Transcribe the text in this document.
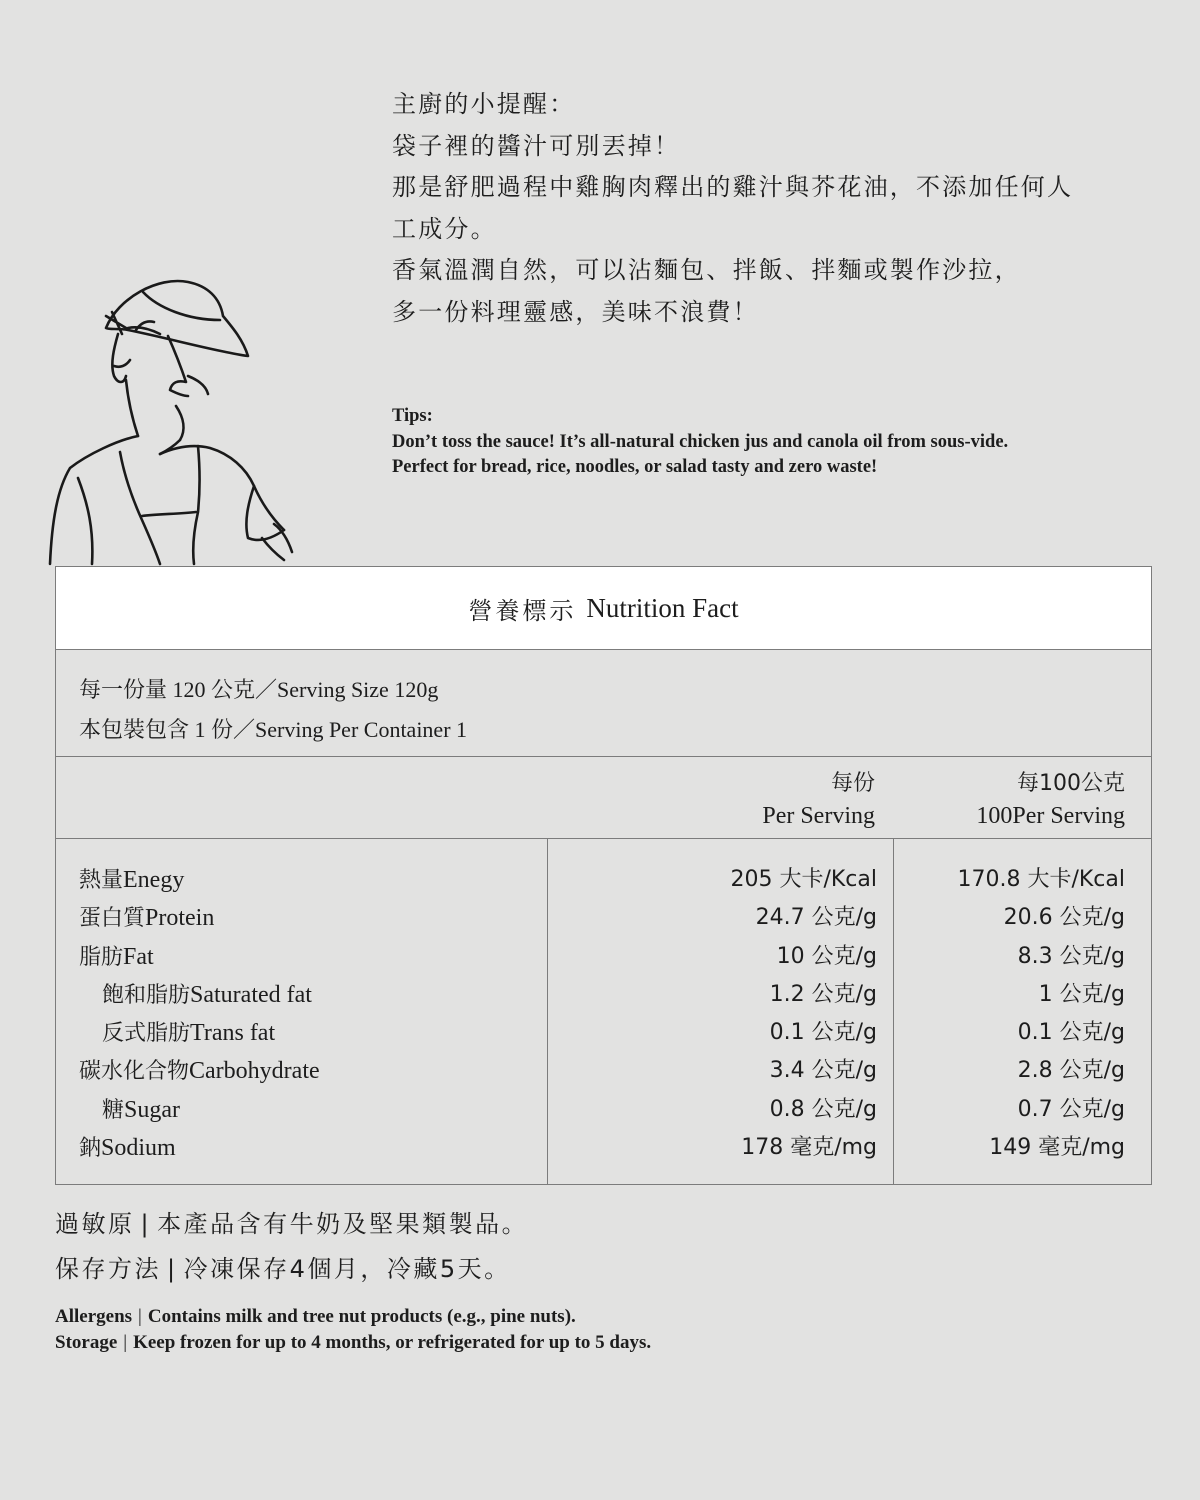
主廚的小提醒：
袋子裡的醬汁可別丟掉！
那是舒肥過程中雞胸肉釋出的雞汁與芥花油，不添加任何人
工成分。
香氣溫潤自然，可以沾麵包、拌飯、拌麵或製作沙拉，
多一份料理靈感，美味不浪費！
Tips:
Don’t toss the sauce! It’s all-natural chicken jus and canola oil from sous-vide.
Perfect for bread, rice, noodles, or salad tasty and zero waste!
營養標示 Nutrition Fact
每一份量 120 公克／Serving Size 120g
本包裝包含 1 份／Serving Per Container 1
每份
Per Serving
每100公克
100Per Serving
熱量Enegy
蛋白質Protein
脂肪Fat
飽和脂肪Saturated fat
反式脂肪Trans fat
碳水化合物Carbohydrate
糖Sugar
鈉Sodium
205 大卡/Kcal
24.7 公克/g
10 公克/g
1.2 公克/g
0.1 公克/g
3.4 公克/g
0.8 公克/g
178 毫克/mg
170.8 大卡/Kcal
20.6 公克/g
8.3 公克/g
1 公克/g
0.1 公克/g
2.8 公克/g
0.7 公克/g
149 毫克/mg
過敏原 | 本產品含有牛奶及堅果類製品。
保存方法 | 冷凍保存4個月，冷藏5天。
Allergens | Contains milk and tree nut products (e.g., pine nuts).
Storage | Keep frozen for up to 4 months, or refrigerated for up to 5 days.
